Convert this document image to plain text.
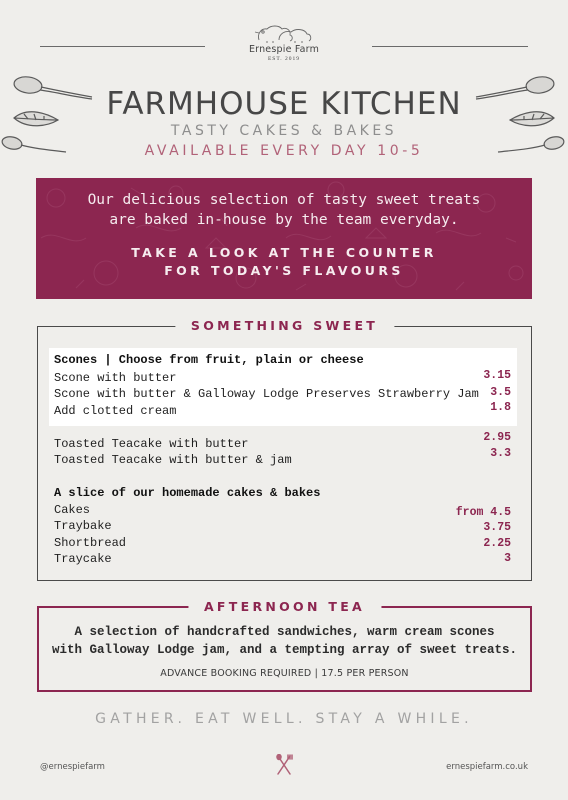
Ernespie Farm
EST. 2019
FARMHOUSE KITCHEN
TASTY CAKES & BAKES
AVAILABLE EVERY DAY 10-5
Our delicious selection of tasty sweet treats
are baked in-house by the team everyday.
TAKE A LOOK AT THE COUNTER
FOR TODAY'S FLAVOURS
SOMETHING SWEET
Scones | Choose from fruit, plain or cheese
Scone with butter	3.15
Scone with butter & Galloway Lodge Preserves Strawberry Jam 3.5
Add clotted cream	1.8
Toasted Teacake with butter	2.95
Toasted Teacake with butter & jam	3.3
A slice of our homemade cakes & bakes
Cakes	from 4.5
Traybake	3.75
Shortbread	2.25
Traycake	3
AFTERNOON TEA
A selection of handcrafted sandwiches, warm cream scones
with Galloway Lodge jam, and a tempting array of sweet treats.
ADVANCE BOOKING REQUIRED | 17.5 PER PERSON
GATHER. EAT WELL. STAY A WHILE.
@ernespiefarm	ernespiefarm.co.uk
